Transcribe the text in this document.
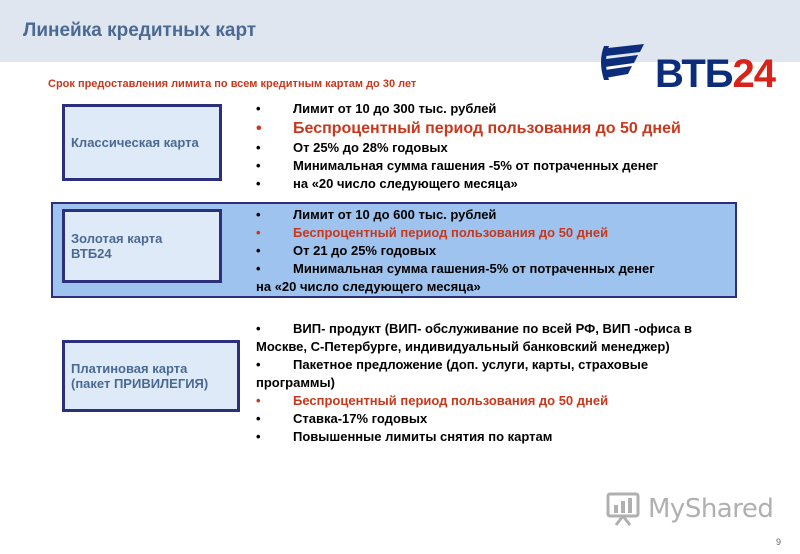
Линейка кредитных карт
ВТБ24
Срок предоставления лимита по всем кредитным картам до 30 лет
Классическая карта
• Лимит от 10 до 300 тыс. рублей
• Беспроцентный период пользования до 50 дней
• От 25% до 28% годовых
• Минимальная сумма гашения -5% от потраченных денег
• на «20 число следующего месяца»
Золотая карта
ВТБ24
• Лимит от 10 до 600 тыс. рублей
• Беспроцентный период пользования до 50 дней
• От 21 до 25% годовых
• Минимальная сумма гашения-5% от потраченных денег на «20 число следующего месяца»
Платиновая карта
(пакет ПРИВИЛЕГИЯ)
• ВИП- продукт (ВИП- обслуживание по всей РФ, ВИП -офиса в Москве, С-Петербурге, индивидуальный банковский менеджер)
• Пакетное предложение (доп. услуги, карты, страховые программы)
• Беспроцентный период пользования до 50 дней
• Ставка-17% годовых
• Повышенные лимиты снятия по картам
MyShared
9
